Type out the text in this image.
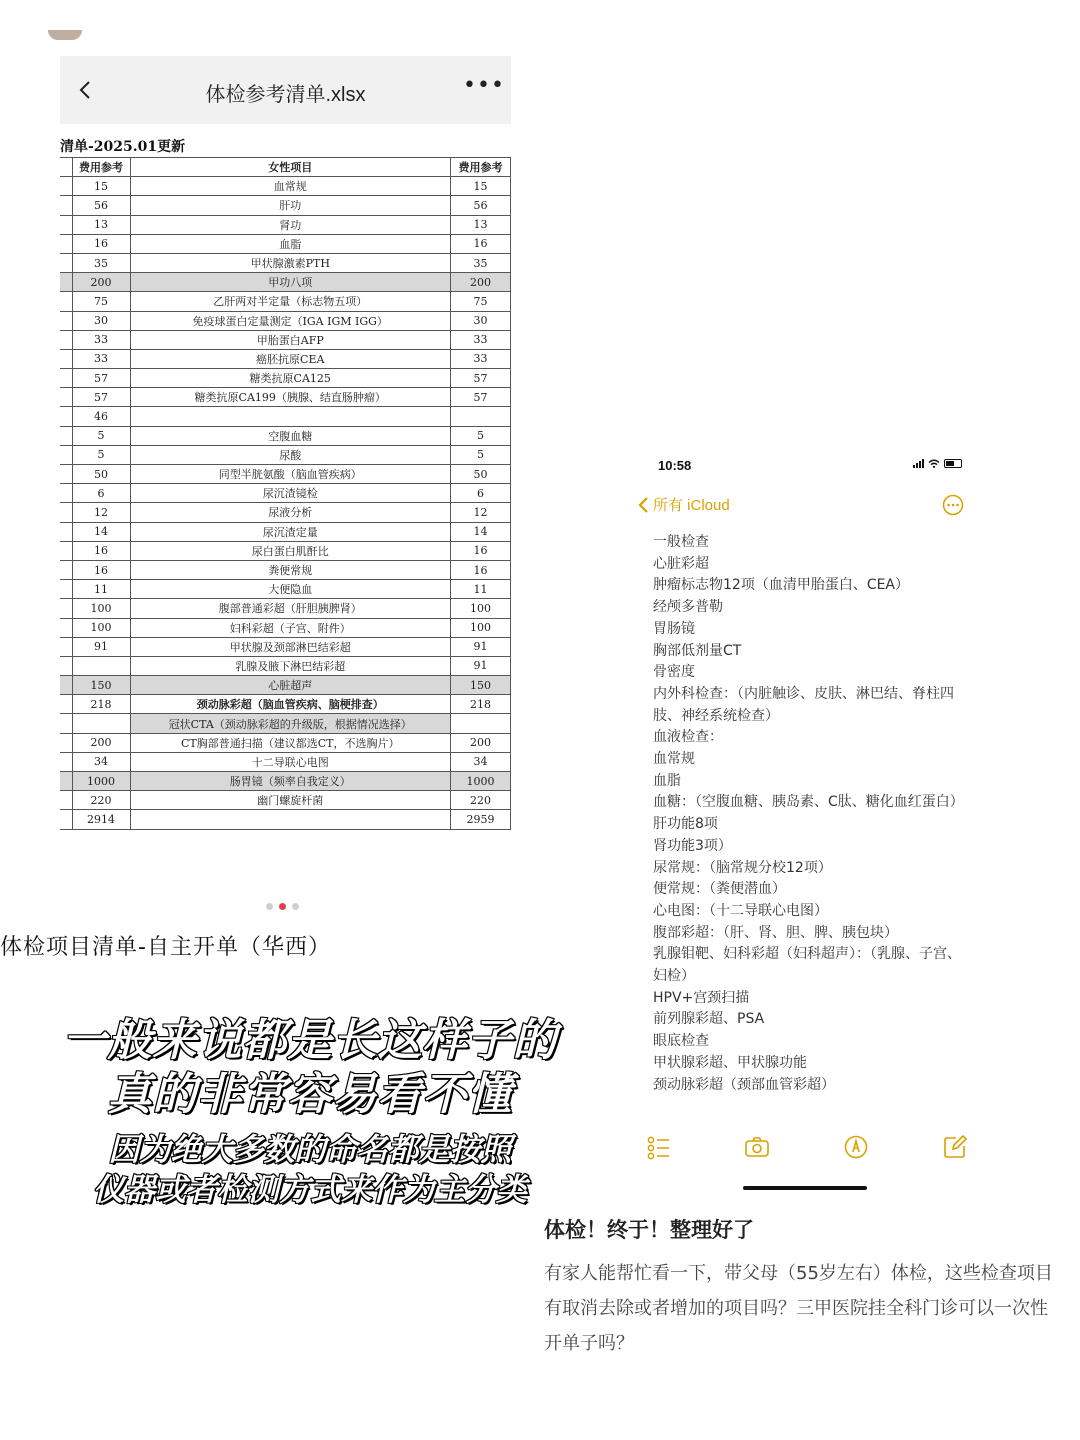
体检参考清单.xlsx	•••
清单-2025.01更新
	费用参考	女性项目	费用参考
	15	血常规	15
	56	肝功	56
	13	肾功	13
	16	血脂	16
	35	甲状腺激素PTH	35
	200	甲功八项	200
	75	乙肝两对半定量（标志物五项）	75
	30	免疫球蛋白定量测定（IGA IGM IGG）	30
	33	甲胎蛋白AFP	33
	33	癌胚抗原CEA	33
	57	糖类抗原CA125	57
	57	糖类抗原CA199（胰腺、结直肠肿瘤）	57
	46		
	5	空腹血糖	5
	5	尿酸	5
	50	同型半胱氨酸（脑血管疾病）	50
	6	尿沉渣镜检	6
	12	尿液分析	12
	14	尿沉渣定量	14
	16	尿白蛋白肌酐比	16
	16	粪便常规	16
	11	大便隐血	11
	100	腹部普通彩超（肝胆胰脾肾）	100
	100	妇科彩超（子宫、附件）	100
	91	甲状腺及颈部淋巴结彩超	91
		乳腺及腋下淋巴结彩超	91
	150	心脏超声	150
	218	颈动脉彩超（脑血管疾病、脑梗排查）	218
		冠状CTA（颈动脉彩超的升级版，根据情况选择）	
	200	CT胸部普通扫描（建议都选CT，不选胸片）	200
	34	十二导联心电图	34
	1000	肠胃镜（频率自我定义）	1000
	220	幽门螺旋杆菌	220
	2914		2959
体检项目清单-自主开单（华西）
一般来说都是长这样子的
真的非常容易看不懂
因为绝大多数的命名都是按照
仪器或者检测方式来作为主分类
10:58
所有 iCloud

一般检查

心脏彩超

肿瘤标志物12项（血清甲胎蛋白、CEA）

经颅多普勒

胃肠镜

胸部低剂量CT

骨密度

内外科检查：（内脏触诊、皮肤、淋巴结、脊柱四肢、神经系统检查）

血液检查：

血常规

血脂

血糖：（空腹血糖、胰岛素、C肽、糖化血红蛋白）

肝功能8项

肾功能3项）

尿常规：（脑常规分校12项）

便常规：（粪便潜血）

心电图：（十二导联心电图）

腹部彩超：（肝、肾、胆、脾、胰包块）

乳腺钼靶、妇科彩超（妇科超声）：（乳腺、子宫、妇检）

HPV+宫颈扫描

前列腺彩超、PSA

眼底检查

甲状腺彩超、甲状腺功能

颈动脉彩超（颈部血管彩超）

体检！终于！整理好了
有家人能帮忙看一下，带父母（55岁左右）体检，这些检查项目有取消去除或者增加的项目吗？三甲医院挂全科门诊可以一次性开单子吗？
